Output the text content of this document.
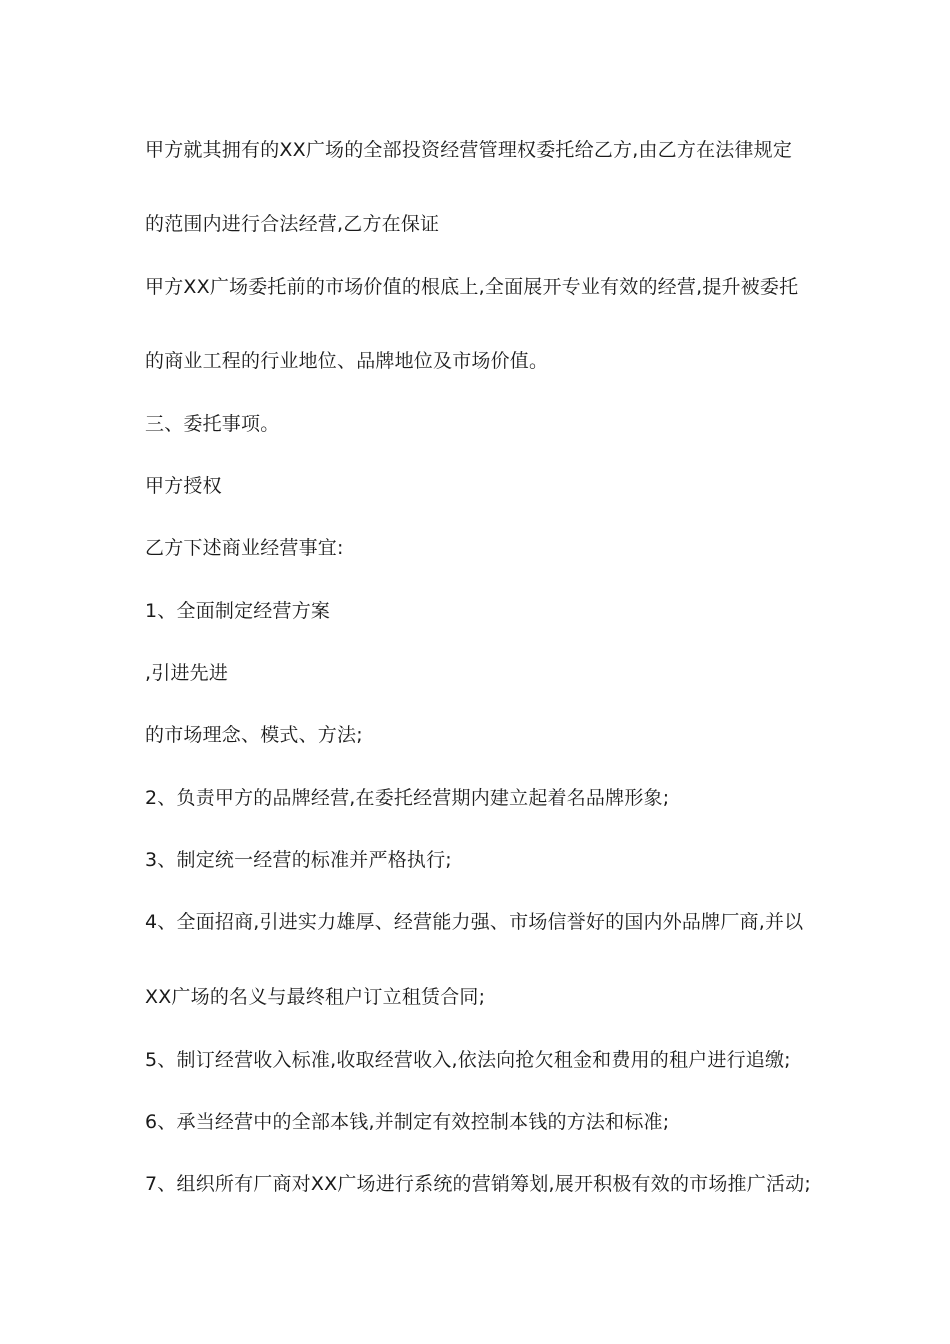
甲方就其拥有的XX广场的全部投资经营管理权委托给乙方,由乙方在法律规定
的范围内进行合法经营,乙方在保证
甲方XX广场委托前的市场价值的根底上,全面展开专业有效的经营,提升被委托
的商业工程的行业地位、品牌地位及市场价值。
三、委托事项。
甲方授权
乙方下述商业经营事宜:
1、全面制定经营方案
,引进先进
的市场理念、模式、方法;
2、负责甲方的品牌经营,在委托经营期内建立起着名品牌形象;
3、制定统一经营的标准并严格执行;
4、全面招商,引进实力雄厚、经营能力强、市场信誉好的国内外品牌厂商,并以
XX广场的名义与最终租户订立租赁合同;
5、制订经营收入标准,收取经营收入,依法向抢欠租金和费用的租户进行追缴;
6、承当经营中的全部本钱,并制定有效控制本钱的方法和标准;
7、组织所有厂商对XX广场进行系统的营销筹划,展开积极有效的市场推广活动;
